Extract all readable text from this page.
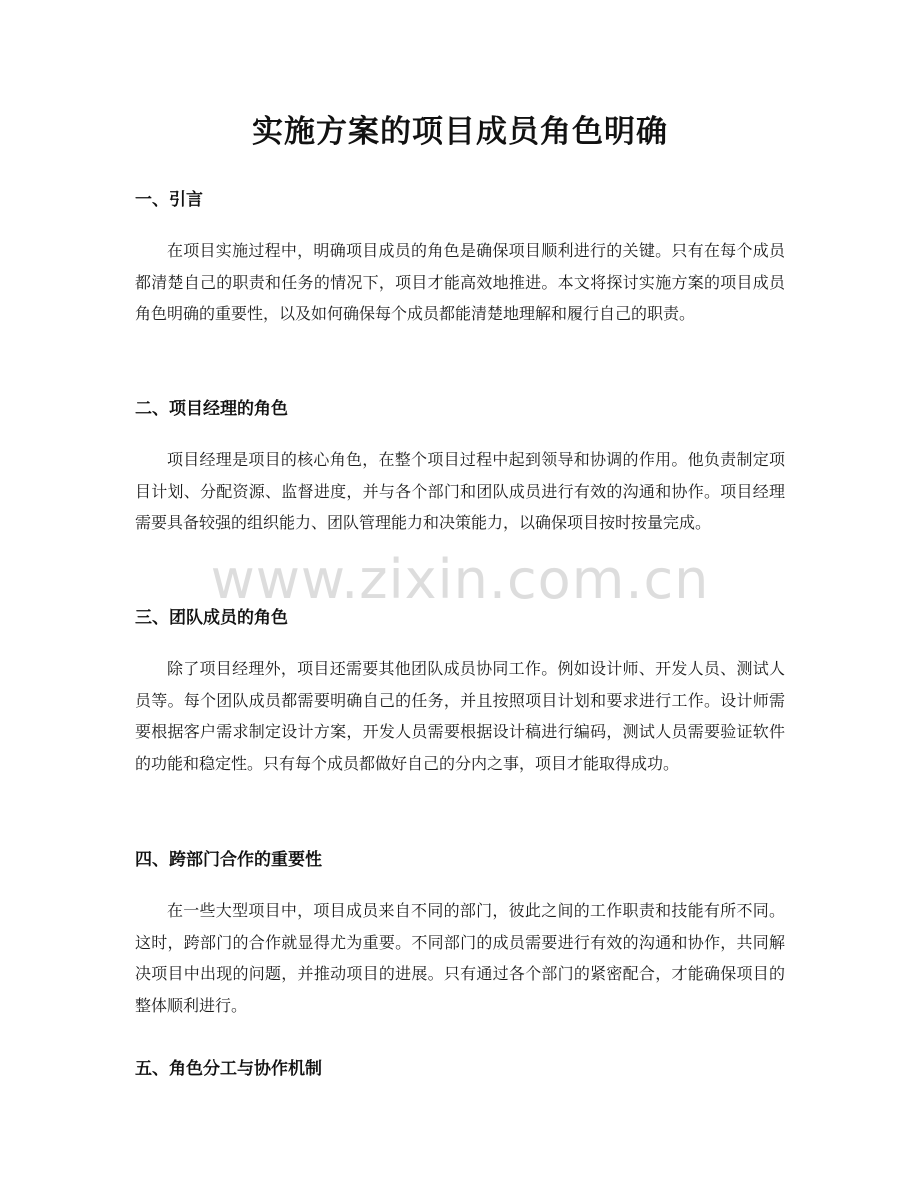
实施方案的项目成员角色明确
一、引言

在项目实施过程中，明确项目成员的角色是确保项目顺利进行的关键。只有在每个成员都清楚自己的职责和任务的情况下，项目才能高效地推进。本文将探讨实施方案的项目成员角色明确的重要性，以及如何确保每个成员都能清楚地理解和履行自己的职责。

二、项目经理的角色

项目经理是项目的核心角色，在整个项目过程中起到领导和协调的作用。他负责制定项目计划、分配资源、监督进度，并与各个部门和团队成员进行有效的沟通和协作。项目经理需要具备较强的组织能力、团队管理能力和决策能力，以确保项目按时按量完成。

三、团队成员的角色

除了项目经理外，项目还需要其他团队成员协同工作。例如设计师、开发人员、测试人员等。每个团队成员都需要明确自己的任务，并且按照项目计划和要求进行工作。设计师需要根据客户需求制定设计方案，开发人员需要根据设计稿进行编码，测试人员需要验证软件的功能和稳定性。只有每个成员都做好自己的分内之事，项目才能取得成功。

四、跨部门合作的重要性

在一些大型项目中，项目成员来自不同的部门，彼此之间的工作职责和技能有所不同。这时，跨部门的合作就显得尤为重要。不同部门的成员需要进行有效的沟通和协作，共同解决项目中出现的问题，并推动项目的进展。只有通过各个部门的紧密配合，才能确保项目的整体顺利进行。

五、角色分工与协作机制
www.zixin.com.cn
